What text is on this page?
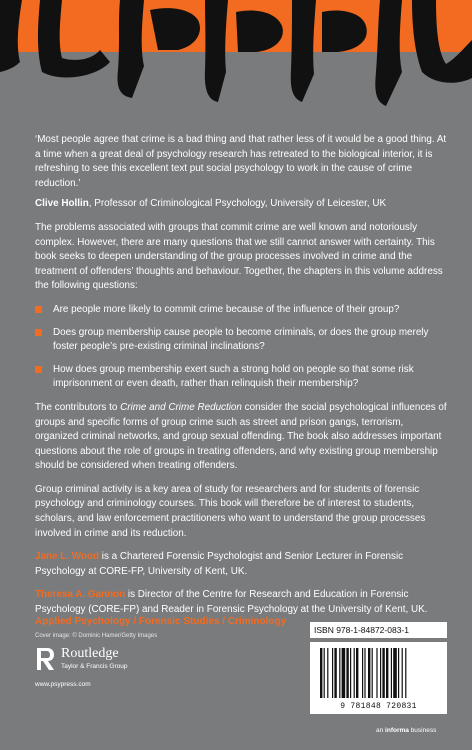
‘Most people agree that crime is a bad thing and that rather less of it would be a good thing. At a time when a great deal of psychology research has retreated to the biological interior, it is refreshing to see this excellent text put social psychology to work in the cause of crime reduction.’

Clive Hollin, Professor of Criminological Psychology, University of Leicester, UK

The problems associated with groups that commit crime are well known and notoriously complex. However, there are many questions that we still cannot answer with certainty. This book seeks to deepen understanding of the group processes involved in crime and the treatment of offenders’ thoughts and behaviour. Together, the chapters in this volume address the following questions:

Are people more likely to commit crime because of the influence of their group?
Does group membership cause people to become criminals, or does the group merely foster people’s pre-existing criminal inclinations?
How does group membership exert such a strong hold on people so that some risk imprisonment or even death, rather than relinquish their membership?

The contributors to Crime and Crime Reduction consider the social psychological influences of groups and specific forms of group crime such as street and prison gangs, terrorism, organized criminal networks, and group sexual offending. The book also addresses important questions about the role of groups in treating offenders, and why existing group membership should be considered when treating offenders.

Group criminal activity is a key area of study for researchers and for students of forensic psychology and criminology courses. This book will therefore be of interest to students, scholars, and law enforcement practitioners who want to understand the group processes involved in crime and its reduction.

Jane L. Wood is a Chartered Forensic Psychologist and Senior Lecturer in Forensic Psychology at CORE-FP, University of Kent, UK.

Theresa A. Gannon is Director of the Centre for Research and Education in Forensic Psychology (CORE-FP) and Reader in Forensic Psychology at the University of Kent, UK.

Applied Psychology / Forensic Studies / Criminology
Cover image: © Dominic Hamer/Getty Images
Routledge
Taylor & Francis Group
www.psypress.com
ISBN 978-1-84872-083-1
9 781848 720831
an informa business
